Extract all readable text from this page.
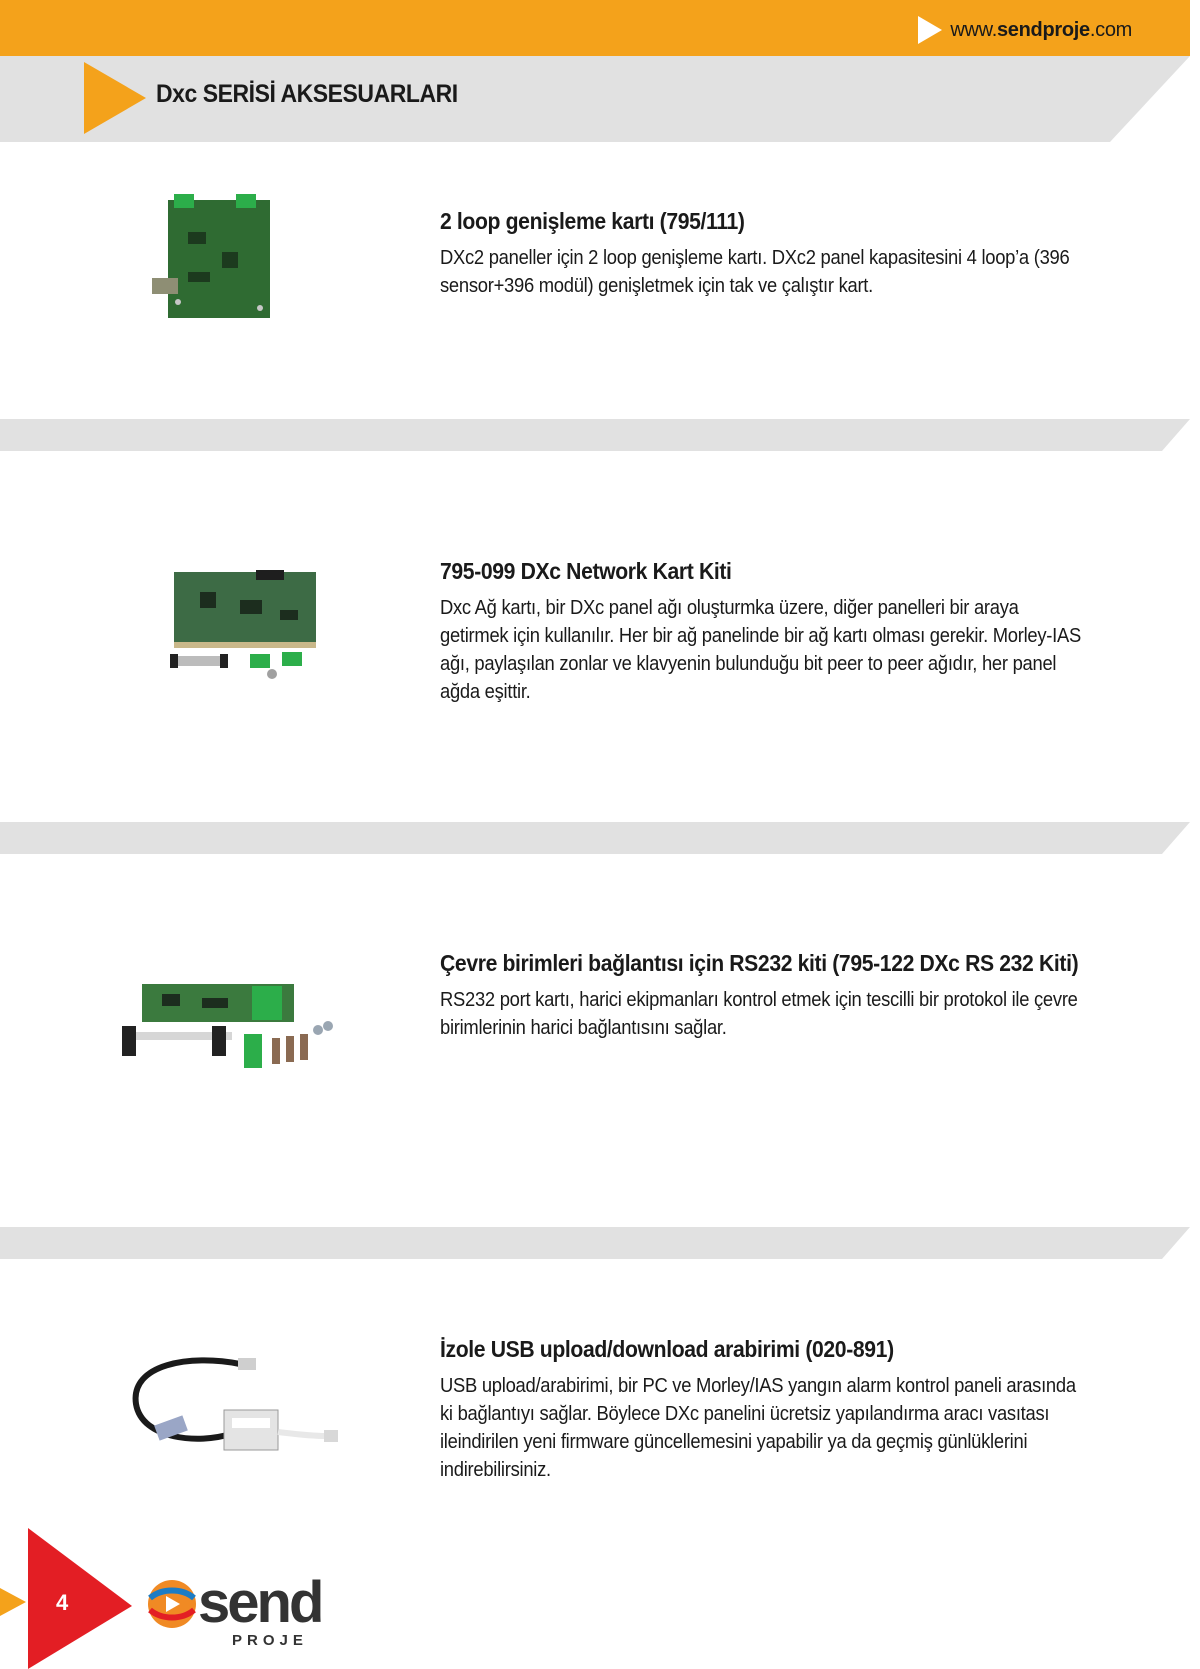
www.sendproje.com
Dxc SERİSİ AKSESUARLARI
2 loop genişleme kartı (795/111)

DXc2 paneller için 2 loop genişleme kartı. DXc2 panel kapasitesini 4 loop’a (396 sensor+396 modül) genişletmek için tak ve çalıştır kart.

795-099 DXc Network Kart Kiti

Dxc Ağ kartı, bir DXc panel ağı oluşturmka üzere, diğer panelleri bir araya getirmek için kullanılır. Her bir ağ panelinde bir ağ kartı olması gerekir. Morley-IAS ağı, paylaşılan zonlar ve klavyenin bulunduğu bit peer to peer ağıdır, her panel ağda eşittir.

Çevre birimleri bağlantısı için RS232 kiti (795-122 DXc RS 232 Kiti)

RS232 port kartı, harici ekipmanları kontrol etmek için tescilli bir protokol ile çevre birimlerinin harici bağlantısını sağlar.

İzole USB upload/download arabirimi (020-891)

USB upload/arabirimi, bir PC ve Morley/IAS yangın alarm kontrol paneli arasında ki bağlantıyı sağlar. Böylece DXc panelini ücretsiz yapılandırma aracı vasıtası ileindirilen yeni firmware güncellemesini yapabilir ya da geçmiş günlüklerini indirebilirsiniz.

4 send
PROJE
